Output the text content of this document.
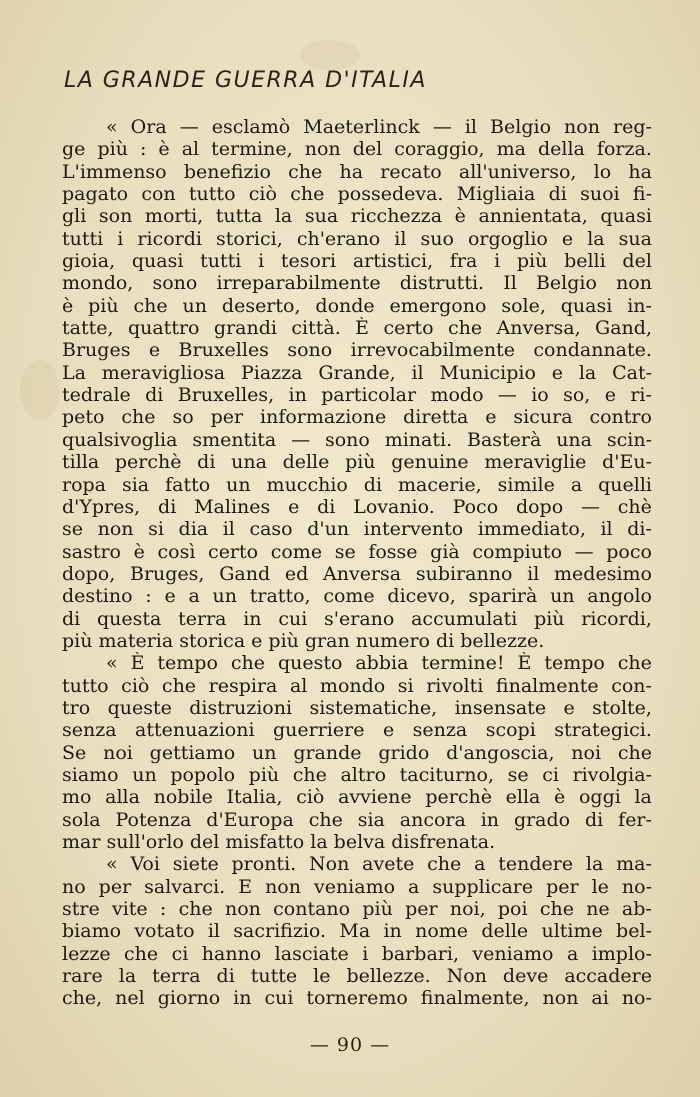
LA GRANDE GUERRA D'ITALIA
« Ora — esclamò Maeterlinck — il Belgio non reg-
ge più : è al termine, non del coraggio, ma della forza.
L'immenso benefizio che ha recato all'universo, lo ha
pagato con tutto ciò che possedeva. Migliaia di suoi fi-
gli son morti, tutta la sua ricchezza è annientata, quasi
tutti i ricordi storici, ch'erano il suo orgoglio e la sua
gioia, quasi tutti i tesori artistici, fra i più belli del
mondo, sono irreparabilmente distrutti. Il Belgio non
è più che un deserto, donde emergono sole, quasi in-
tatte, quattro grandi città. È certo che Anversa, Gand,
Bruges e Bruxelles sono irrevocabilmente condannate.
La meravigliosa Piazza Grande, il Municipio e la Cat-
tedrale di Bruxelles, in particolar modo — io so, e ri-
peto che so per informazione diretta e sicura contro
qualsivoglia smentita — sono minati. Basterà una scin-
tilla perchè di una delle più genuine meraviglie d'Eu-
ropa sia fatto un mucchio di macerie, simile a quelli
d'Ypres, di Malines e di Lovanio. Poco dopo — chè
se non si dia il caso d'un intervento immediato, il di-
sastro è così certo come se fosse già compiuto — poco
dopo, Bruges, Gand ed Anversa subiranno il medesimo
destino : e a un tratto, come dicevo, sparirà un angolo
di questa terra in cui s'erano accumulati più ricordi,
più materia storica e più gran numero di bellezze.
« È tempo che questo abbia termine! È tempo che
tutto ciò che respira al mondo si rivolti finalmente con-
tro queste distruzioni sistematiche, insensate e stolte,
senza attenuazioni guerriere e senza scopi strategici.
Se noi gettiamo un grande grido d'angoscia, noi che
siamo un popolo più che altro taciturno, se ci rivolgia-
mo alla nobile Italia, ciò avviene perchè ella è oggi la
sola Potenza d'Europa che sia ancora in grado di fer-
mar sull'orlo del misfatto la belva disfrenata.
« Voi siete pronti. Non avete che a tendere la ma-
no per salvarci. E non veniamo a supplicare per le no-
stre vite : che non contano più per noi, poi che ne ab-
biamo votato il sacrifizio. Ma in nome delle ultime bel-
lezze che ci hanno lasciate i barbari, veniamo a implo-
rare la terra di tutte le bellezze. Non deve accadere
che, nel giorno in cui torneremo finalmente, non ai no-
— 90 —
